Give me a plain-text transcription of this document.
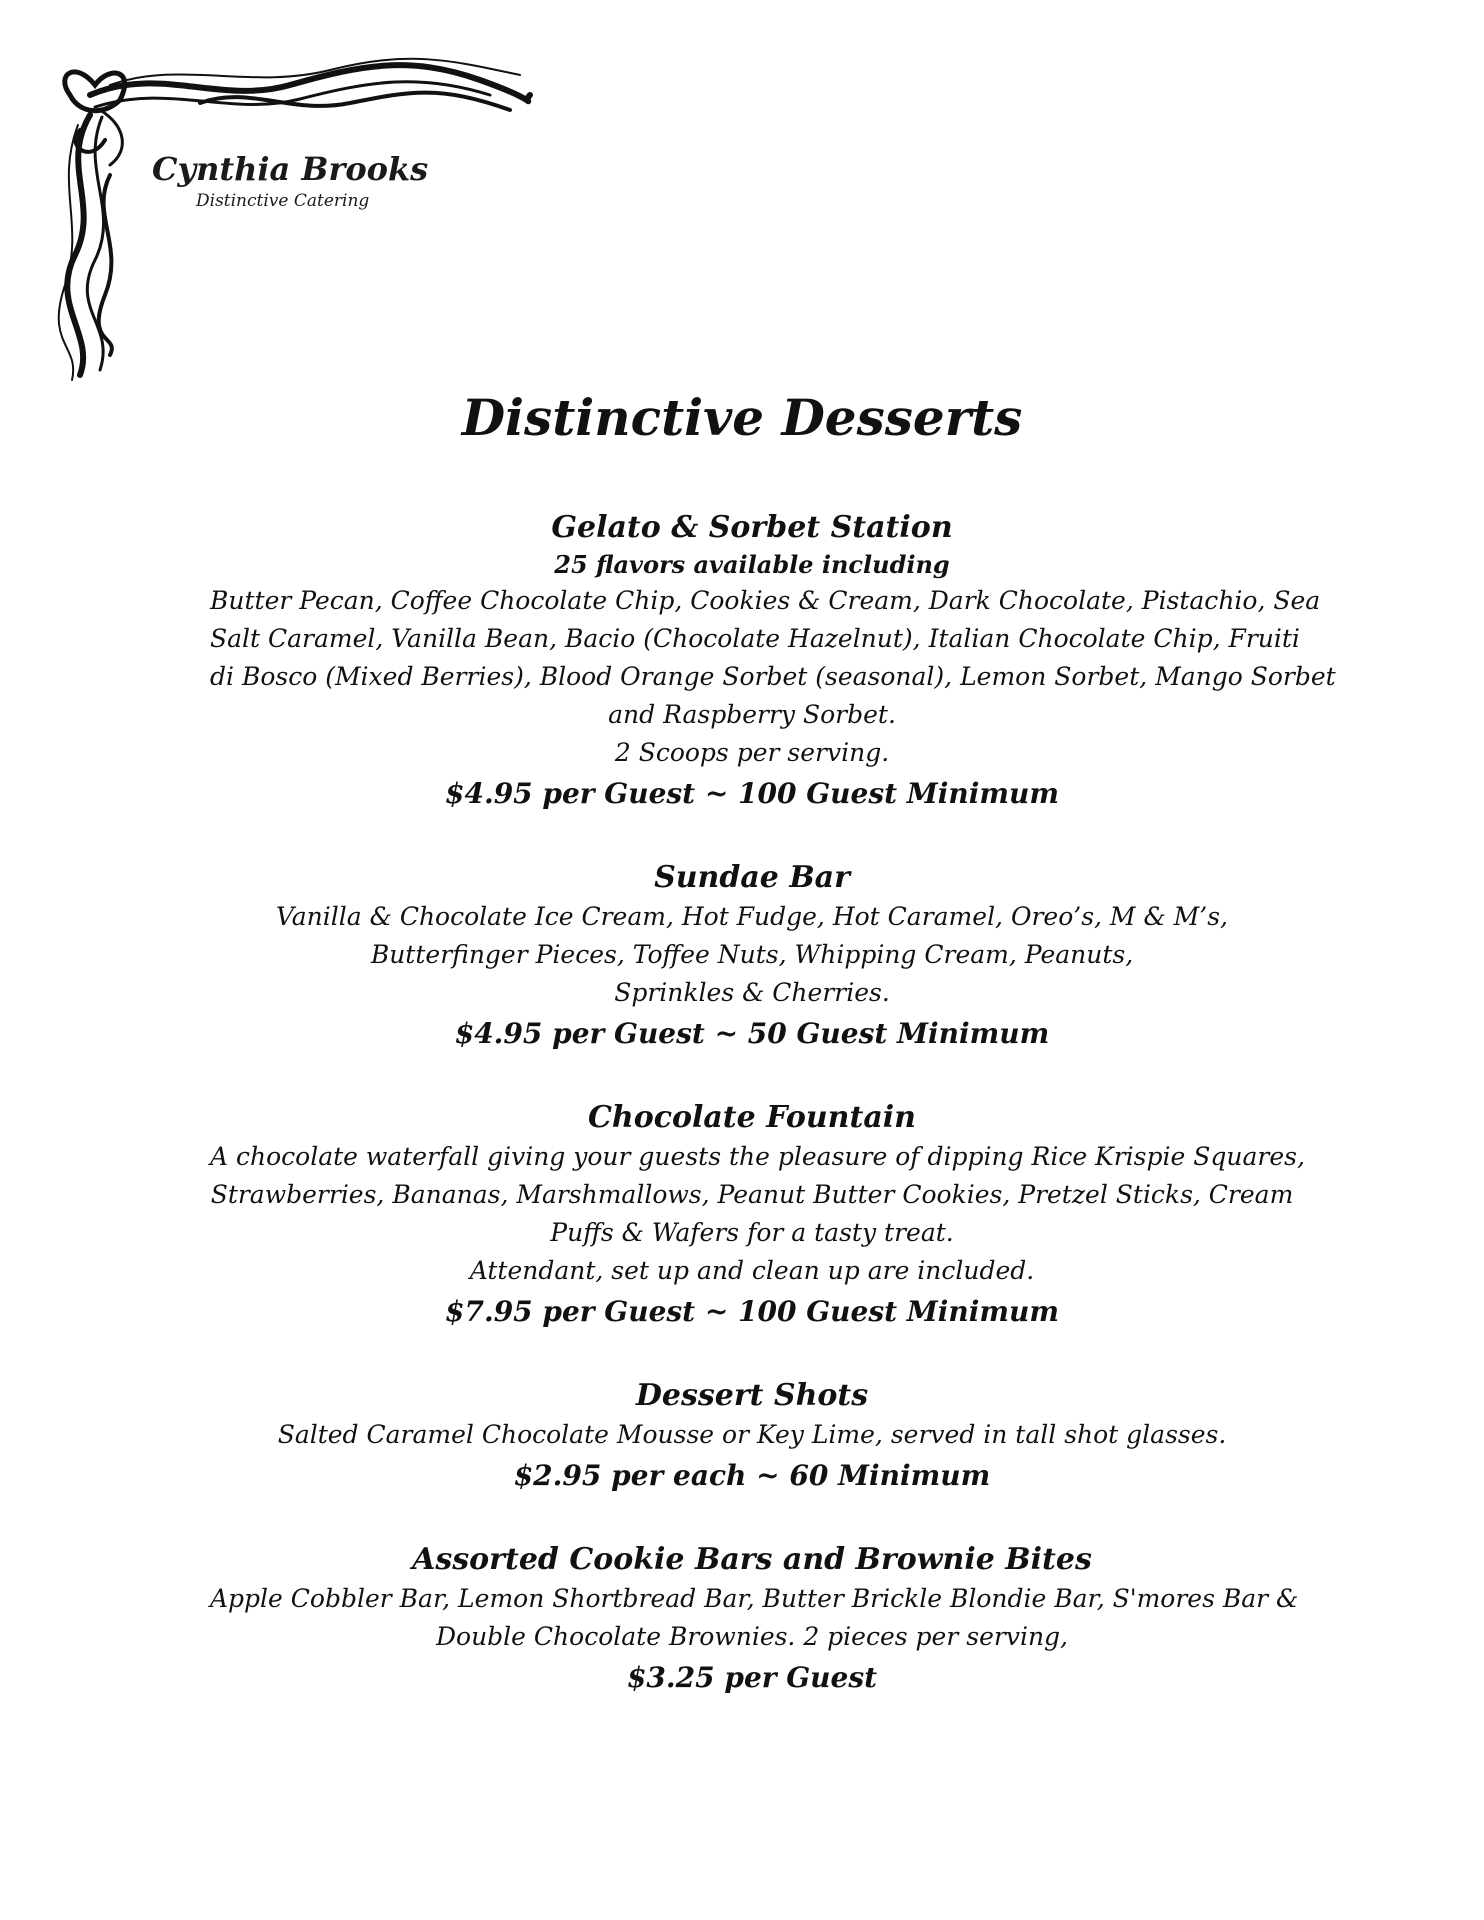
Cynthia Brooks
Distinctive Catering
Distinctive Desserts
Gelato & Sorbet Station
25 flavors available including
Butter Pecan, Coffee Chocolate Chip, Cookies & Cream, Dark Chocolate, Pistachio, Sea
Salt Caramel, Vanilla Bean, Bacio (Chocolate Hazelnut), Italian Chocolate Chip, Fruiti
di Bosco (Mixed Berries), Blood Orange Sorbet (seasonal), Lemon Sorbet, Mango Sorbet
and Raspberry Sorbet.
2 Scoops per serving.
$4.95 per Guest ~ 100 Guest Minimum
Sundae Bar
Vanilla & Chocolate Ice Cream, Hot Fudge, Hot Caramel, Oreo’s, M & M’s,
Butterfinger Pieces, Toffee Nuts, Whipping Cream, Peanuts,
Sprinkles & Cherries.
$4.95 per Guest ~ 50 Guest Minimum
Chocolate Fountain
A chocolate waterfall giving your guests the pleasure of dipping Rice Krispie Squares,
Strawberries, Bananas, Marshmallows, Peanut Butter Cookies, Pretzel Sticks, Cream
Puffs & Wafers for a tasty treat.
Attendant, set up and clean up are included.
$7.95 per Guest ~ 100 Guest Minimum
Dessert Shots
Salted Caramel Chocolate Mousse or Key Lime, served in tall shot glasses.
$2.95 per each ~ 60 Minimum
Assorted Cookie Bars and Brownie Bites
Apple Cobbler Bar, Lemon Shortbread Bar, Butter Brickle Blondie Bar, S'mores Bar &
Double Chocolate Brownies. 2 pieces per serving,
$3.25 per Guest
